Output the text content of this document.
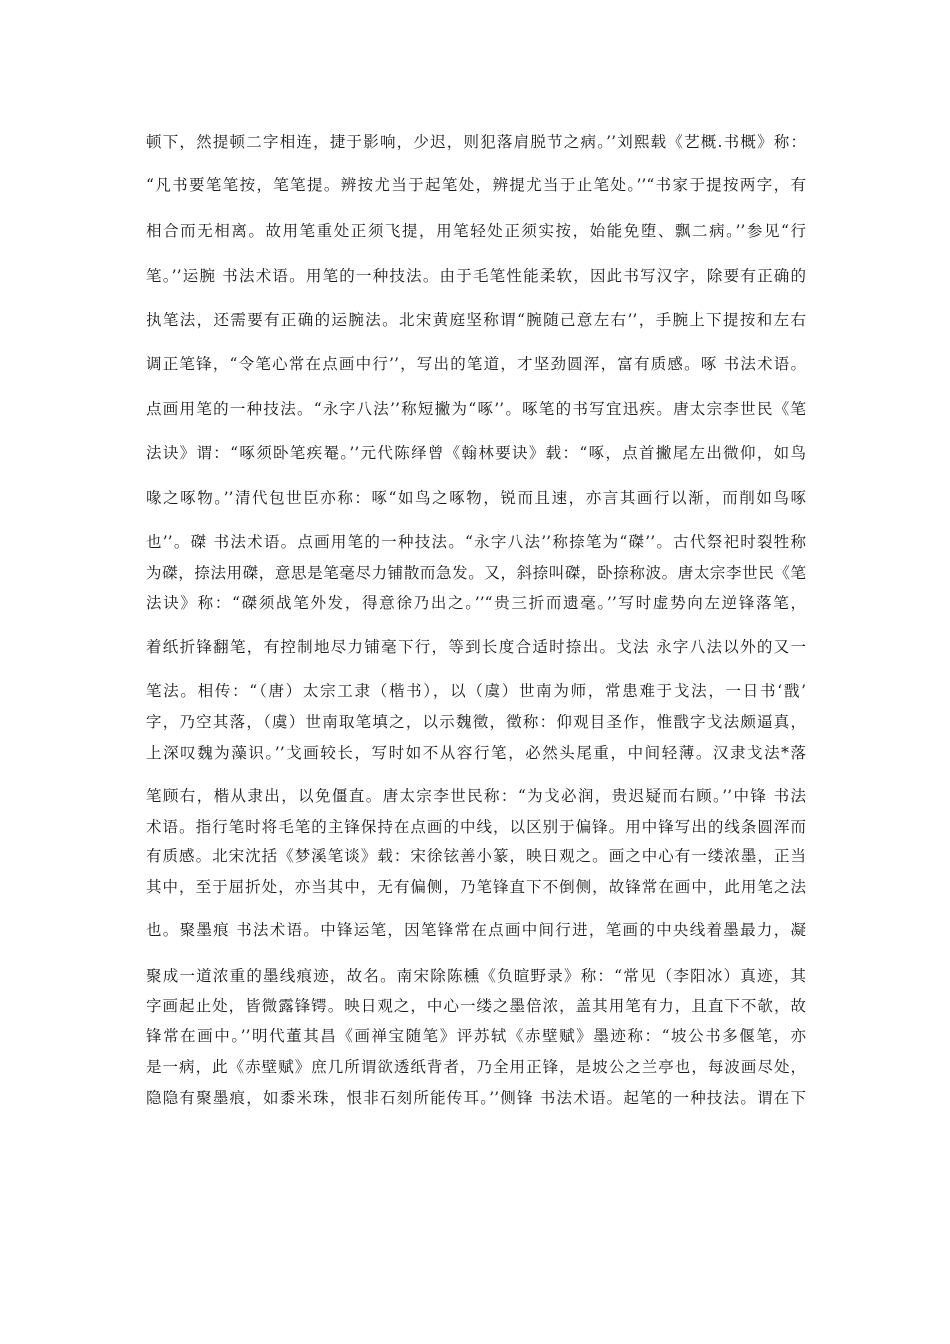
顿下，然提顿二字相连，捷于影响，少迟，则犯落肩脱节之病。’’刘熙载《艺概.书概》称：
“凡书要笔笔按，笔笔提。辨按尤当于起笔处，辨提尤当于止笔处。’’“书家于提按两字，有
相合而无相离。故用笔重处正须飞提，用笔轻处正须实按，始能免堕、飘二病。’’参见“行
笔。’’运腕 书法术语。用笔的一种技法。由于毛笔性能柔软，因此书写汉字，除要有正确的
执笔法，还需要有正确的运腕法。北宋黄庭坚称谓“腕随己意左右’’，手腕上下提按和左右
调正笔锋，“令笔心常在点画中行’’，写出的笔道，才坚劲圆浑，富有质感。啄 书法术语。
点画用笔的一种技法。“永字八法’’称短撇为“啄’’。啄笔的书写宜迅疾。唐太宗李世民《笔
法诀》谓：“啄须卧笔疾罨。’’元代陈绎曾《翰林要诀》载：“啄，点首撇尾左出微仰，如鸟
喙之啄物。’’清代包世臣亦称：啄“如鸟之啄物，锐而且速，亦言其画行以渐，而削如鸟啄
也’’。磔 书法术语。点画用笔的一种技法。“永字八法’’称捺笔为“磔’’。古代祭祀时裂牲称
为磔，捺法用磔，意思是笔毫尽力铺散而急发。又，斜捺叫磔，卧捺称波。唐太宗李世民《笔
法诀》称：“磔须战笔外发，得意徐乃出之。’’“贵三折而遗毫。’’写时虚势向左逆锋落笔，
着纸折锋翻笔，有控制地尽力铺毫下行，等到长度合适时捺出。戈法 永字八法以外的又一
笔法。相传：“（唐）太宗工隶（楷书），以（虞）世南为师，常患难于戈法，一日书‘戬’
字，乃空其落，（虞）世南取笔填之，以示魏徵，徵称：仰观目圣作，惟戬字戈法颇逼真，
上深叹魏为藻识。’’戈画较长，写时如不从容行笔，必然头尾重，中间轻薄。汉隶戈法*落
笔顾右，楷从隶出，以免僵直。唐太宗李世民称：“为戈必润，贵迟疑而右顾。’’中锋 书法
术语。指行笔时将毛笔的主锋保持在点画的中线，以区别于偏锋。用中锋写出的线条圆浑而
有质感。北宋沈括《梦溪笔谈》载：宋徐铉善小篆，映日观之。画之中心有一缕浓墨，正当
其中，至于屈折处，亦当其中，无有偏侧，乃笔锋直下不倒侧，故锋常在画中，此用笔之法
也。聚墨痕 书法术语。中锋运笔，因笔锋常在点画中间行进，笔画的中央线着墨最力，凝
聚成一道浓重的墨线痕迹，故名。南宋除陈櫄《负暄野录》称：“常见（李阳冰）真迹，其
字画起止处，皆微露锋锷。映日观之，中心一缕之墨倍浓，盖其用笔有力，且直下不欹，故
锋常在画中。’’明代董其昌《画禅宝随笔》评苏轼《赤壁赋》墨迹称：“坡公书多偃笔，亦
是一病，此《赤壁赋》庶几所谓欲透纸背者，乃全用正锋，是坡公之兰亭也，每波画尽处，
隐隐有聚墨痕，如黍米珠，恨非石刻所能传耳。’’侧锋 书法术语。起笔的一种技法。谓在下
